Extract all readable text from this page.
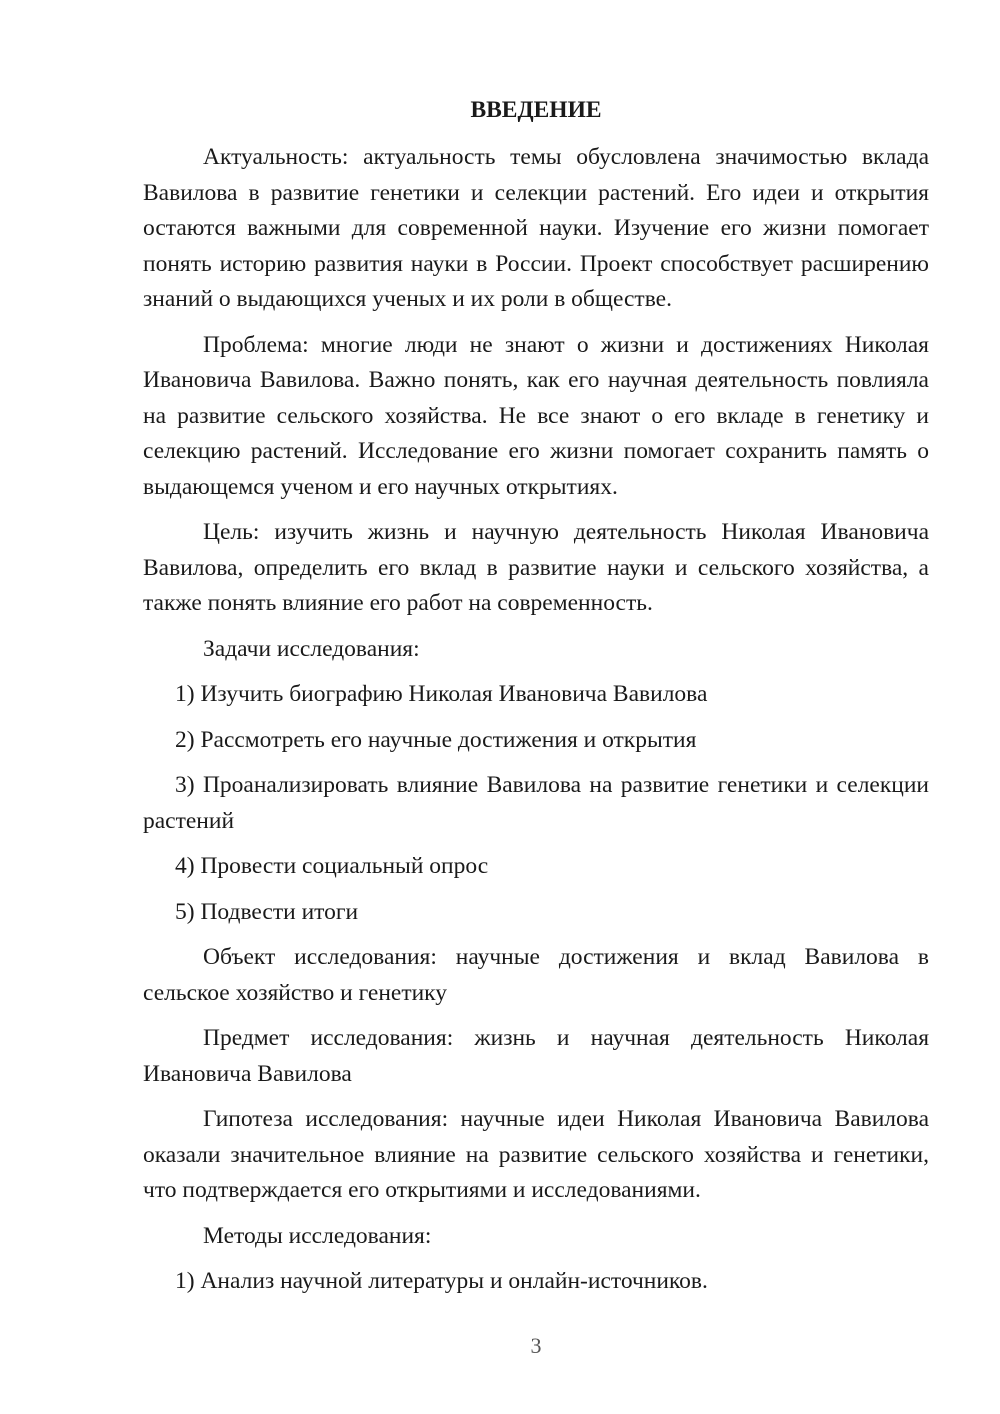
ВВЕДЕНИЕ

Актуальность: актуальность темы обусловлена значимостью вклада Вавилова в развитие генетики и селекции растений. Его идеи и открытия остаются важными для современной науки. Изучение его жизни помогает понять историю развития науки в России. Проект способствует расширению знаний о выдающихся ученых и их роли в обществе.

Проблема: многие люди не знают о жизни и достижениях Николая Ивановича Вавилова. Важно понять, как его научная деятельность повлияла на развитие сельского хозяйства. Не все знают о его вкладе в генетику и селекцию растений. Исследование его жизни помогает сохранить память о выдающемся ученом и его научных открытиях.

Цель: изучить жизнь и научную деятельность Николая Ивановича Вавилова, определить его вклад в развитие науки и сельского хозяйства, а также понять влияние его работ на современность.

Задачи исследования:

1) Изучить биографию Николая Ивановича Вавилова

2) Рассмотреть его научные достижения и открытия

3) Проанализировать влияние Вавилова на развитие генетики и селекции растений

4) Провести социальный опрос

5) Подвести итоги

Объект исследования: научные достижения и вклад Вавилова в сельское хозяйство и генетику

Предмет исследования: жизнь и научная деятельность Николая Ивановича Вавилова

Гипотеза исследования: научные идеи Николая Ивановича Вавилова оказали значительное влияние на развитие сельского хозяйства и генетики, что подтверждается его открытиями и исследованиями.

Методы исследования:

1) Анализ научной литературы и онлайн-источников.

3
